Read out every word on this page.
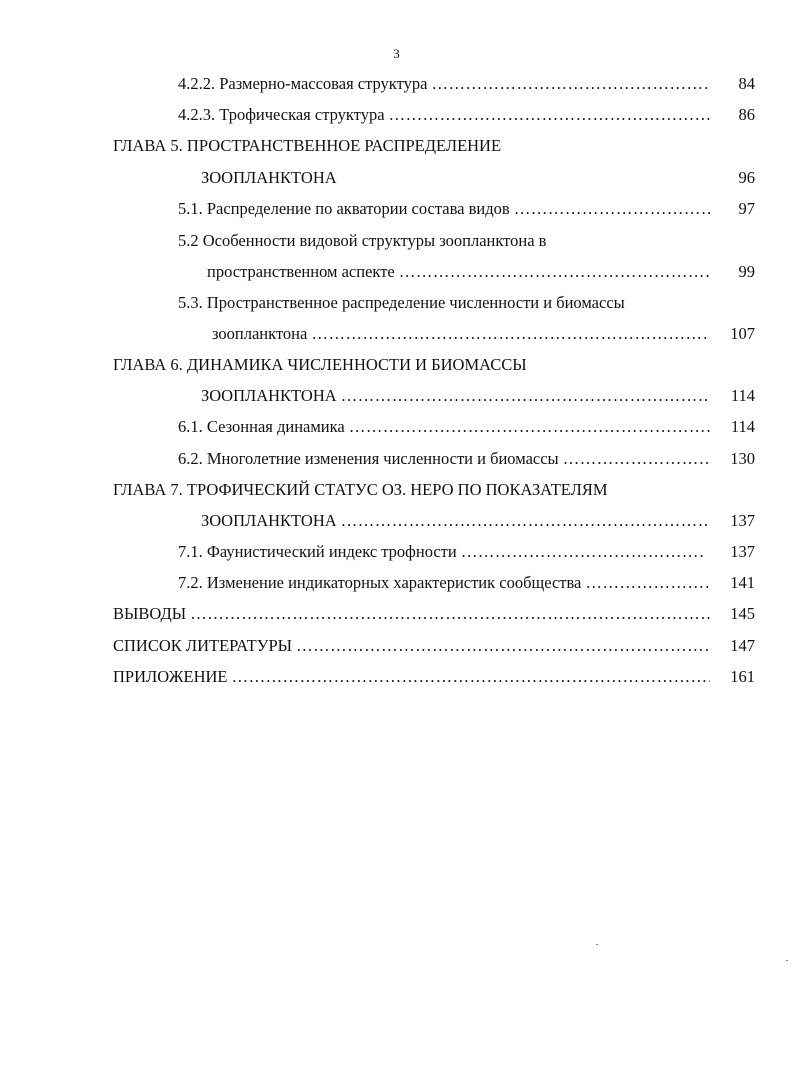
3
4.2.2. Размерно-массовая структура ………………………………………………………………………………………………………………………………………………………………………………	84
4.2.3. Трофическая структура ………………………………………………………………………………………………………………………………………………………………………………	86
ГЛАВА 5. ПРОСТРАНСТВЕННОЕ РАСПРЕДЕЛЕНИЕ
ЗООПЛАНКТОНА	96
5.1. Распределение по акватории состава видов ………………………………………………………………………………………………………………………………………………………………………………	97
5.2 Особенности видовой структуры зоопланктона в
пространственном аспекте ………………………………………………………………………………………………………………………………………………………………………………	99
5.3. Пространственное распределение численности и биомассы
зоопланктона ………………………………………………………………………………………………………………………………………………………………………………	107
ГЛАВА 6. ДИНАМИКА ЧИСЛЕННОСТИ И БИОМАССЫ
ЗООПЛАНКТОНА ………………………………………………………………………………………………………………………………………………………………………………	114
6.1. Сезонная динамика ………………………………………………………………………………………………………………………………………………………………………………	114
6.2. Многолетние изменения численности и биомассы ………………………………………………………………………………………………………………………………………………………………………………	130
ГЛАВА 7. ТРОФИЧЕСКИЙ СТАТУС ОЗ. НЕРО ПО ПОКАЗАТЕЛЯМ
ЗООПЛАНКТОНА ………………………………………………………………………………………………………………………………………………………………………………	137
7.1. Фаунистический индекс трофности ………………………………………………………………………………………………………………………………………………………………………………	137
7.2. Изменение индикаторных характеристик сообщества ………………………………………………………………………………………………………………………………………………………………………………	141
ВЫВОДЫ ………………………………………………………………………………………………………………………………………………………………………………	145
СПИСОК ЛИТЕРАТУРЫ ………………………………………………………………………………………………………………………………………………………………………………	147
ПРИЛОЖЕНИЕ ………………………………………………………………………………………………………………………………………………………………………………	161
